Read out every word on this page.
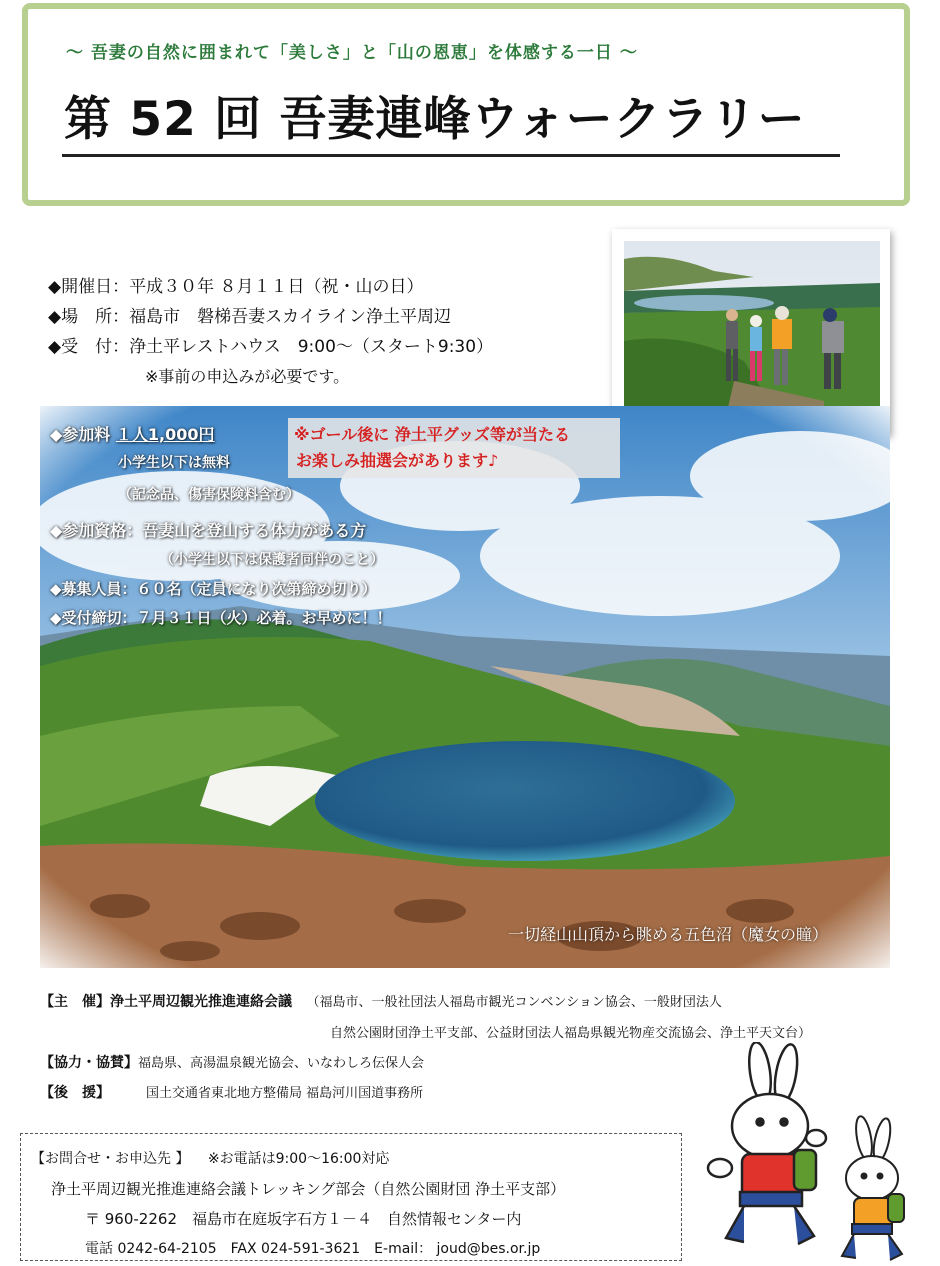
〜 吾妻の自然に囲まれて「美しさ」と「山の恩恵」を体感する一日 〜
第 52 回 吾妻連峰ウォークラリー
◆開催日：平成３０年 ８月１１日（祝・山の日）
◆場　所：福島市　磐梯吾妻スカイライン浄土平周辺
◆受　付：浄土平レストハウス　9:00〜（スタート9:30）
※事前の申込みが必要です。
◆参加料 １人1,000円
小学生以下は無料
（記念品、傷害保険料含む）
◆参加資格：吾妻山を登山する体力がある方
（小学生以下は保護者同伴のこと）
◆募集人員：６０名（定員になり次第締め切り）
◆受付締切：７月３１日（火）必着。お早めに！！
※ゴール後に 浄土平グッズ等が当たる
お楽しみ抽選会があります♪
一切経山山頂から眺める五色沼（魔女の瞳）
【主　催】浄土平周辺観光推進連絡会議 （福島市、一般社団法人福島市観光コンベンション協会、一般財団法人
自然公園財団浄土平支部、公益財団法人福島県観光物産交流協会、浄土平天文台）
【協力・協賛】福島県、高湯温泉観光協会、いなわしろ伝保人会
【後　援】	国土交通省東北地方整備局 福島河川国道事務所
【お問合せ・お申込先 】 ※お電話は9:00〜16:00対応
浄土平周辺観光推進連絡会議トレッキング部会（自然公園財団 浄土平支部）
〒 960-2262　福島市在庭坂字石方１－４　自然情報センター内
電話 0242-64-2105　FAX 024-591-3621　E-mail： joud@bes.or.jp
